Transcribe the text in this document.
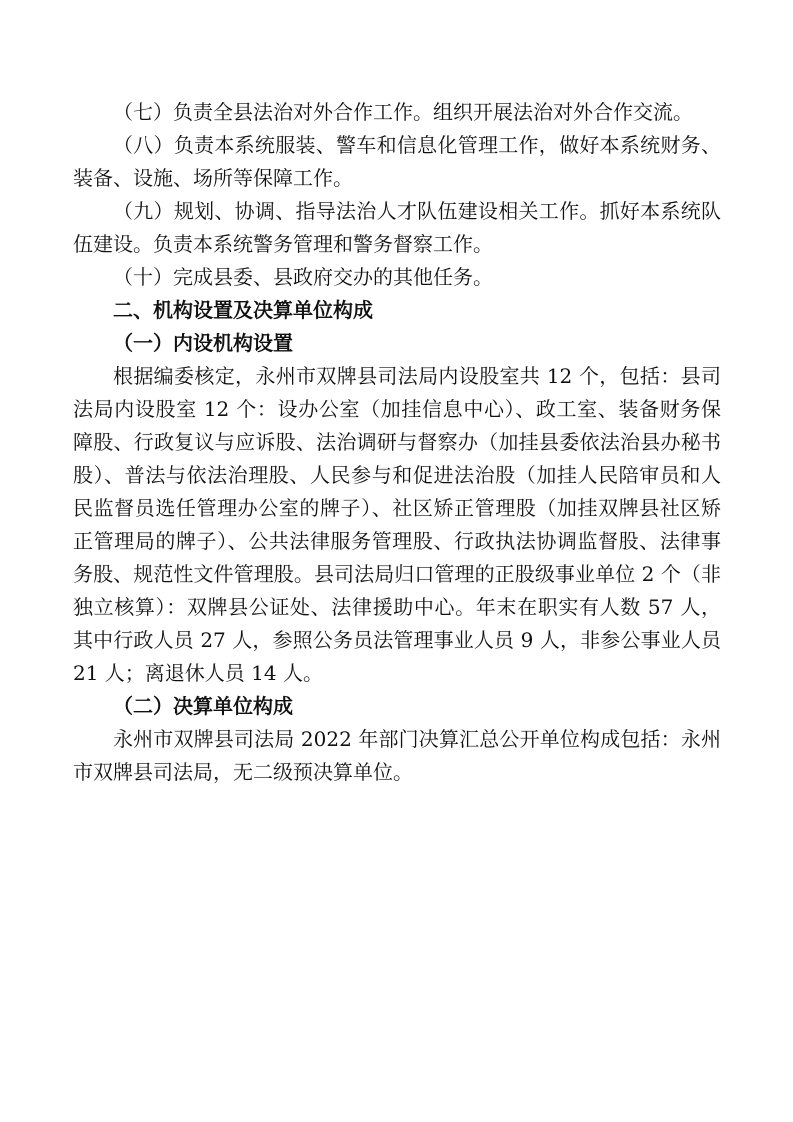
（七）负责全县法治对外合作工作。组织开展法治对外合作交流。

（八）负责本系统服装、警车和信息化管理工作，做好本系统财务、装备、设施、场所等保障工作。

（九）规划、协调、指导法治人才队伍建设相关工作。抓好本系统队伍建设。负责本系统警务管理和警务督察工作。

（十）完成县委、县政府交办的其他任务。

二、机构设置及决算单位构成

（一）内设机构设置

根据编委核定，永州市双牌县司法局内设股室共 12 个，包括：县司法局内设股室 12 个：设办公室（加挂信息中心）、政工室、装备财务保障股、行政复议与应诉股、法治调研与督察办（加挂县委依法治县办秘书股）、普法与依法治理股、人民参与和促进法治股（加挂人民陪审员和人民监督员选任管理办公室的牌子）、社区矫正管理股（加挂双牌县社区矫正管理局的牌子）、公共法律服务管理股、行政执法协调监督股、法律事务股、规范性文件管理股。县司法局归口管理的正股级事业单位 2 个（非独立核算）：双牌县公证处、法律援助中心。年末在职实有人数 57 人，其中行政人员 27 人，参照公务员法管理事业人员 9 人，非参公事业人员 21 人；离退休人员 14 人。

（二）决算单位构成

永州市双牌县司法局 2022 年部门决算汇总公开单位构成包括：永州市双牌县司法局，无二级预决算单位。
